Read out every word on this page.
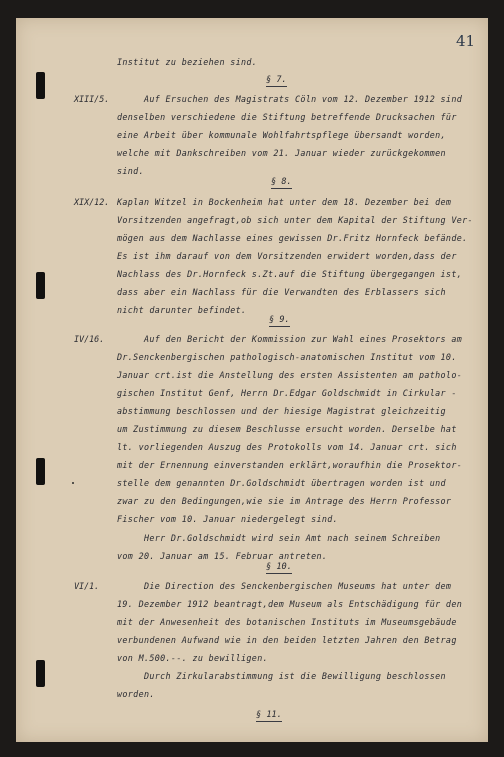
41
Institut zu beziehen sind.
§ 7.
XIII/5. Auf Ersuchen des Magistrats Cöln vom 12. Dezember 1912 sind
denselben verschiedene die Stiftung betreffende Drucksachen für
eine Arbeit über kommunale Wohlfahrtspflege übersandt worden,
welche mit Dankschreiben vom 21. Januar wieder zurückgekommen
sind.
§ 8.
XIX/12. Kaplan Witzel in Bockenheim hat unter dem 18. Dezember bei dem
Vorsitzenden angefragt,ob sich unter dem Kapital der Stiftung Ver-
mögen aus dem Nachlasse eines gewissen Dr.Fritz Hornfeck befände.
Es ist ihm darauf von dem Vorsitzenden erwidert worden,dass der
Nachlass des Dr.Hornfeck s.Zt.auf die Stiftung übergegangen ist,
dass aber ein Nachlass für die Verwandten des Erblassers sich
nicht darunter befindet.
§ 9.
IV/16. Auf den Bericht der Kommission zur Wahl eines Prosektors am
Dr.Senckenbergischen pathologisch-anatomischen Institut vom 10.
Januar crt.ist die Anstellung des ersten Assistenten am patholo-
gischen Institut Genf, Herrn Dr.Edgar Goldschmidt in Cirkular -
abstimmung beschlossen und der hiesige Magistrat gleichzeitig
um Zustimmung zu diesem Beschlusse ersucht worden. Derselbe hat
lt. vorliegenden Auszug des Protokolls vom 14. Januar crt. sich
mit der Ernennung einverstanden erklärt,woraufhin die Prosektor-
stelle dem genannten Dr.Goldschmidt übertragen worden ist und
zwar zu den Bedingungen,wie sie im Antrage des Herrn Professor
Fischer vom 10. Januar niedergelegt sind.
Herr Dr.Goldschmidt wird sein Amt nach seinem Schreiben
vom 20. Januar am 15. Februar antreten.
§ 10.
VI/1. Die Direction des Senckenbergischen Museums hat unter dem
19. Dezember 1912 beantragt,dem Museum als Entschädigung für den
mit der Anwesenheit des botanischen Instituts im Museumsgebäude
verbundenen Aufwand wie in den beiden letzten Jahren den Betrag
von M.500.--. zu bewilligen.
Durch Zirkularabstimmung ist die Bewilligung beschlossen
worden.
§ 11.
